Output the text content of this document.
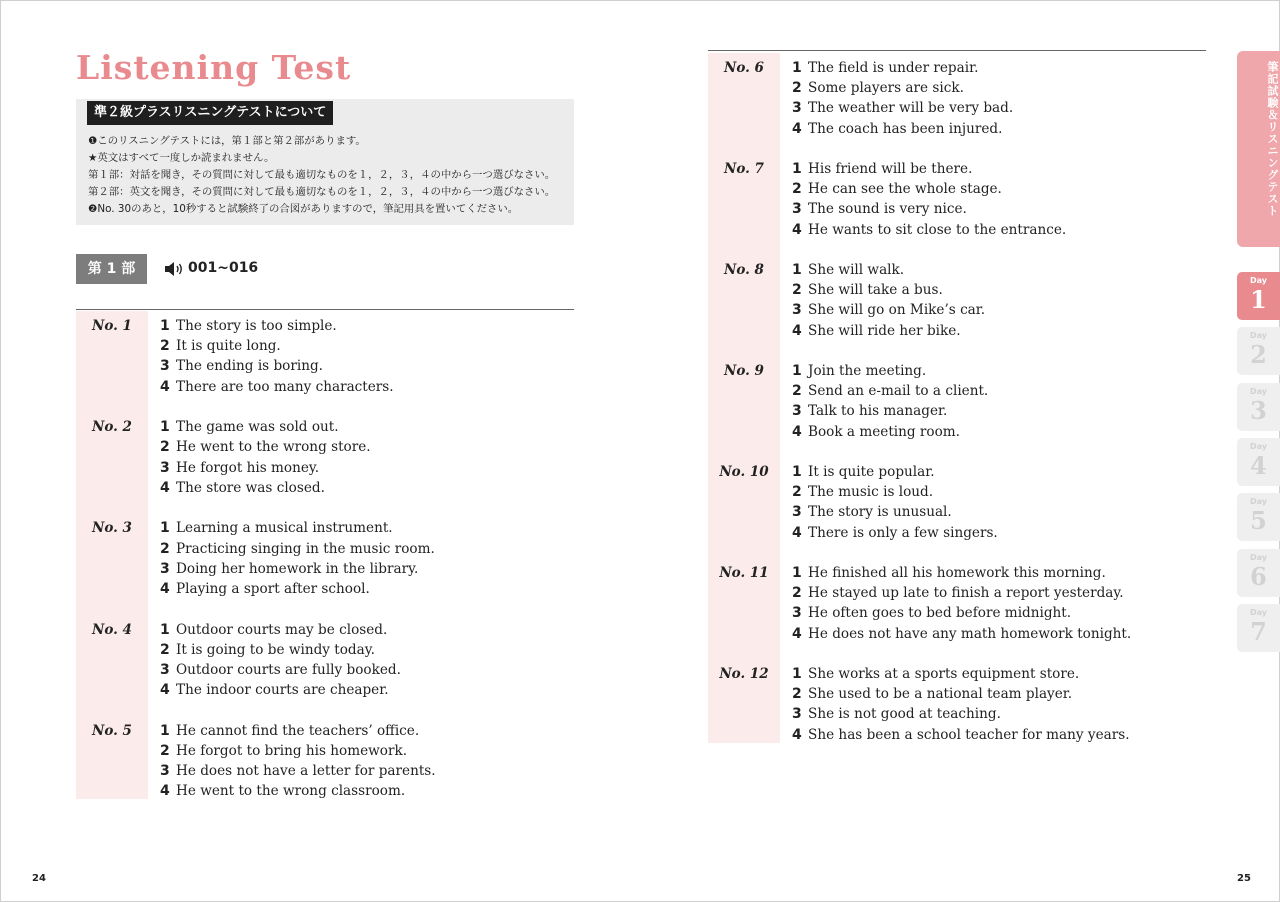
Listening Test
準２級プラスリスニングテストについて
❶このリスニングテストには，第１部と第２部があります。
★英文はすべて一度しか読まれません。
第１部：対話を聞き，その質問に対して最も適切なものを１，２，３，４の中から一つ選びなさい。
第２部：英文を聞き，その質問に対して最も適切なものを１，２，３，４の中から一つ選びなさい。
❷No. 30のあと，10秒すると試験終了の合図がありますので，筆記用具を置いてください。
第 1 部	001~016
No. 1	1 The story is too simple.
2 It is quite long.
3 The ending is boring.
4 There are too many characters.
No. 2	1 The game was sold out.
2 He went to the wrong store.
3 He forgot his money.
4 The store was closed.
No. 3	1 Learning a musical instrument.
2 Practicing singing in the music room.
3 Doing her homework in the library.
4 Playing a sport after school.
No. 4	1 Outdoor courts may be closed.
2 It is going to be windy today.
3 Outdoor courts are fully booked.
4 The indoor courts are cheaper.
No. 5	1 He cannot find the teachers’ office.
2 He forgot to bring his homework.
3 He does not have a letter for parents.
4 He went to the wrong classroom.
No. 6	1 The field is under repair.
2 Some players are sick.
3 The weather will be very bad.
4 The coach has been injured.
No. 7	1 His friend will be there.
2 He can see the whole stage.
3 The sound is very nice.
4 He wants to sit close to the entrance.
No. 8	1 She will walk.
2 She will take a bus.
3 She will go on Mike’s car.
4 She will ride her bike.
No. 9	1 Join the meeting.
2 Send an e-mail to a client.
3 Talk to his manager.
4 Book a meeting room.
No. 10	1 It is quite popular.
2 The music is loud.
3 The story is unusual.
4 There is only a few singers.
No. 11	1 He finished all his homework this morning.
2 He stayed up late to finish a report yesterday.
3 He often goes to bed before midnight.
4 He does not have any math homework tonight.
No. 12	1 She works at a sports equipment store.
2 She used to be a national team player.
3 She is not good at teaching.
4 She has been a school teacher for many years.
筆記試験＆リスニングテスト
Day
1
Day
2
Day
3
Day
4
Day
5
Day
6
Day
7
24	25
